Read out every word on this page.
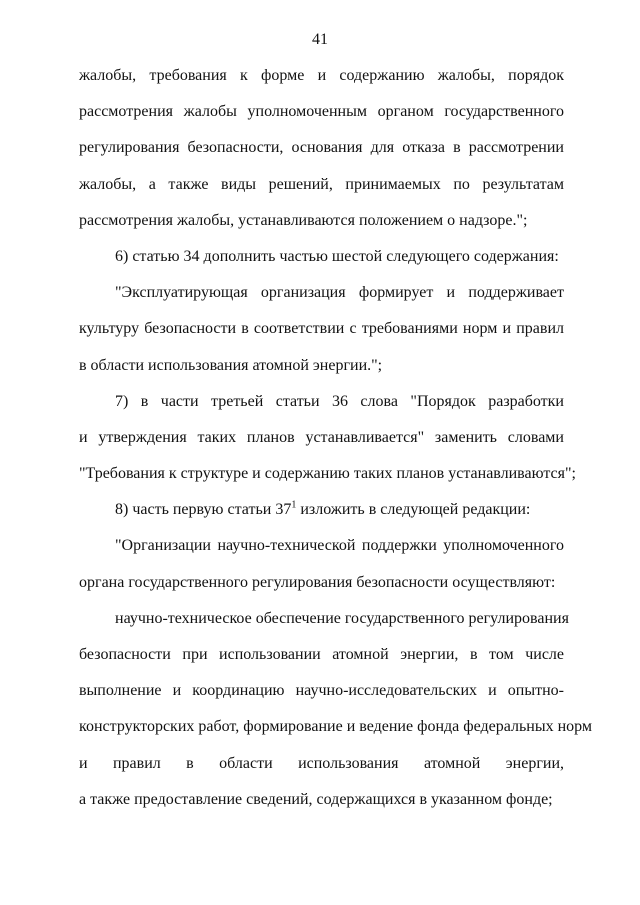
41
жалобы, требования к форме и содержанию жалобы, порядок
рассмотрения жалобы уполномоченным органом государственного
регулирования безопасности, основания для отказа в рассмотрении
жалобы, а также виды решений, принимаемых по результатам
рассмотрения жалобы, устанавливаются положением о надзоре.";
6) статью 34 дополнить частью шестой следующего содержания:
"Эксплуатирующая организация формирует и поддерживает
культуру безопасности в соответствии с требованиями норм и правил
в области использования атомной энергии.";
7) в части третьей статьи 36 слова "Порядок разработки
и утверждения таких планов устанавливается" заменить словами
"Требования к структуре и содержанию таких планов устанавливаются";
8) часть первую статьи $37^1$ изложить в следующей редакции:
"Организации научно-технической поддержки уполномоченного
органа государственного регулирования безопасности осуществляют:
научно-техническое обеспечение государственного регулирования
безопасности при использовании атомной энергии, в том числе
выполнение и координацию научно-исследовательских и опытно-
конструкторских работ, формирование и ведение фонда федеральных норм
и правил в области использования атомной энергии,
а также предоставление сведений, содержащихся в указанном фонде;
